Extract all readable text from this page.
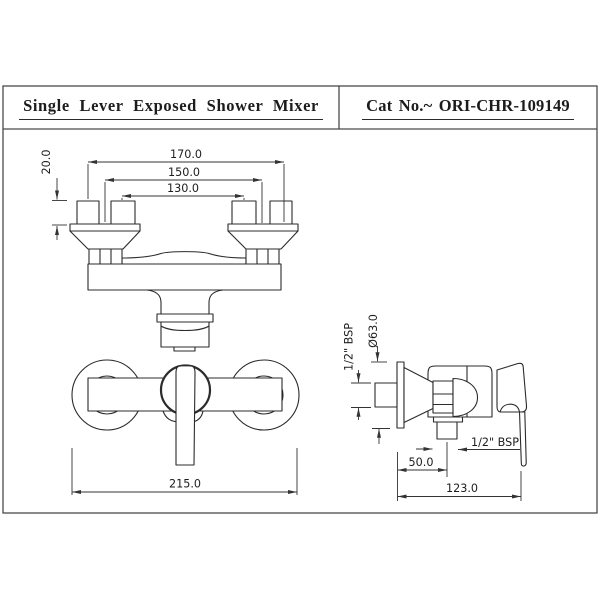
170.0
150.0
130.0
20.0
215.0
1/2" BSP Ø63.0
1/2" BSP
50.0
123.0
Single Lever Exposed Shower Mixer	Cat No.~ ORI-CHR-109149
